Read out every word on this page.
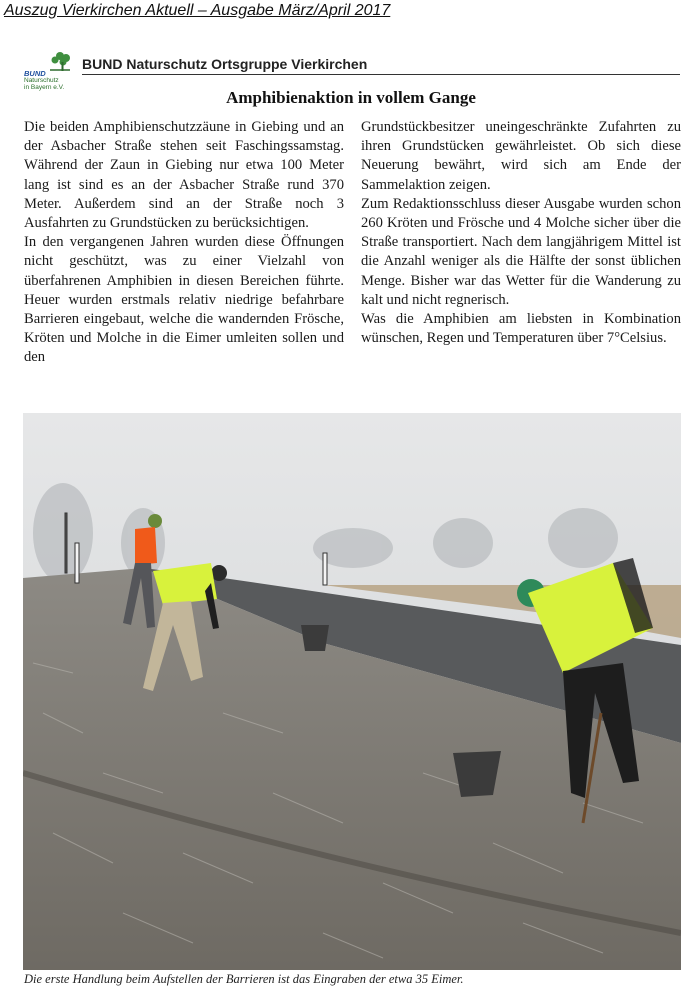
Auszug Vierkirchen Aktuell – Ausgabe März/April 2017
BUND
Naturschutz
in Bayern e.V.
BUND Naturschutz Ortsgruppe Vierkirchen
Amphibienaktion in vollem Gange

Die beiden Amphibienschutzzäune in Giebing und an der Asbacher Straße stehen seit Faschingssamstag. Während der Zaun in Giebing nur etwa 100 Meter lang ist sind es an der Asbacher Straße rund 370 Meter. Außerdem sind an der Straße noch 3 Ausfahrten zu Grundstücken zu berücksichtigen.

In den vergangenen Jahren wurden diese Öffnungen nicht geschützt, was zu einer Vielzahl von überfahrenen Amphibien in diesen Bereichen führte. Heuer wurden erstmals relativ niedrige befahrbare Barrieren eingebaut, welche die wandernden Frösche, Kröten und Molche in die Eimer umleiten sollen und den

Grundstückbesitzer uneingeschränkte Zufahrten zu ihren Grundstücken gewährleistet. Ob sich diese Neuerung bewährt, wird sich am Ende der Sammelaktion zeigen.

Zum Redaktionsschluss dieser Ausgabe wurden schon 260 Kröten und Frösche und 4 Molche sicher über die Straße transportiert. Nach dem langjährigem Mittel ist die Anzahl weniger als die Hälfte der sonst üblichen Menge. Bisher war das Wetter für die Wanderung zu kalt und nicht regnerisch.

Was die Amphibien am liebsten in Kombination wünschen, Regen und Temperaturen über 7°Celsius.

Die erste Handlung beim Aufstellen der Barrieren ist das Eingraben der etwa 35 Eimer.
